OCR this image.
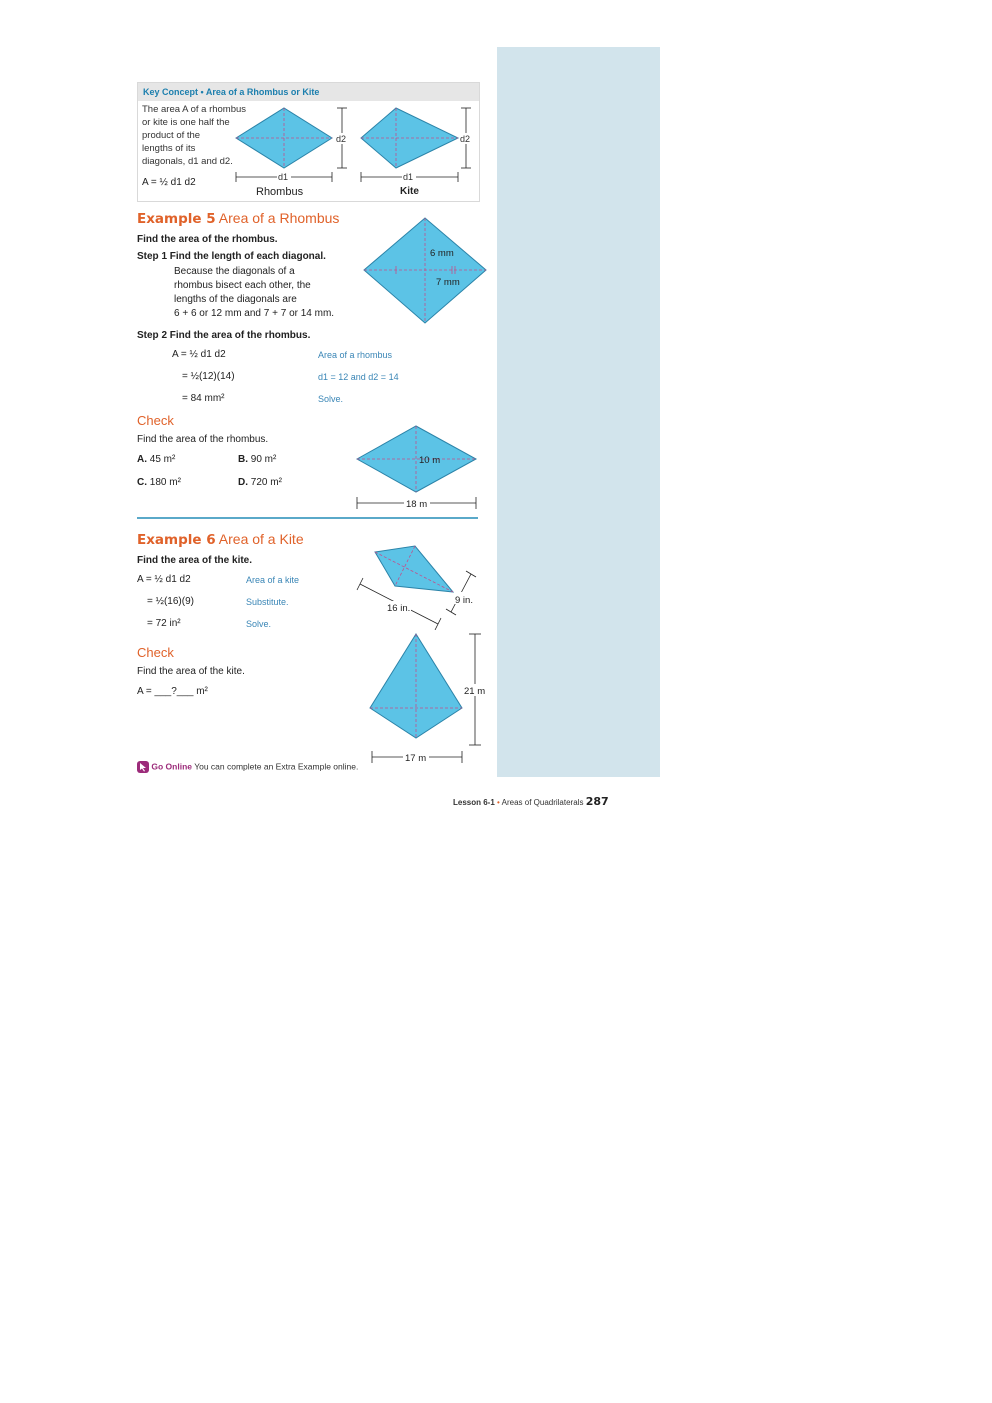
Key Concept • Area of a Rhombus or Kite
The area A of a rhombus
or kite is one half the
product of the
lengths of its
diagonals, d1 and d2.
A = ½ d1 d2
Rhombus	Kite
d2
d1
d2
d1
Example 5 Area of a Rhombus
Find the area of the rhombus.
Step 1 Find the length of each diagonal.
Because the diagonals of a
rhombus bisect each other, the
lengths of the diagonals are
6 + 6 or 12 mm and 7 + 7 or 14 mm.
Step 2 Find the area of the rhombus.
A = ½ d1 d2	Area of a rhombus
= ½(12)(14)	d1 = 12 and d2 = 14
= 84 mm²	Solve.
6 mm
7 mm
Check
Find the area of the rhombus.
A. 45 m²	B. 90 m²
C. 180 m²	D. 720 m²
10 m
18 m
Example 6 Area of a Kite
Find the area of the kite.
A = ½ d1 d2	Area of a kite
= ½(16)(9)	Substitute.
= 72 in²	Solve.
16 in.
9 in.
Check
Find the area of the kite.
A = ___?___ m²	21 m
17 m
Go Online You can complete an Extra Example online.
Lesson 6-1 • Areas of Quadrilaterals 287
